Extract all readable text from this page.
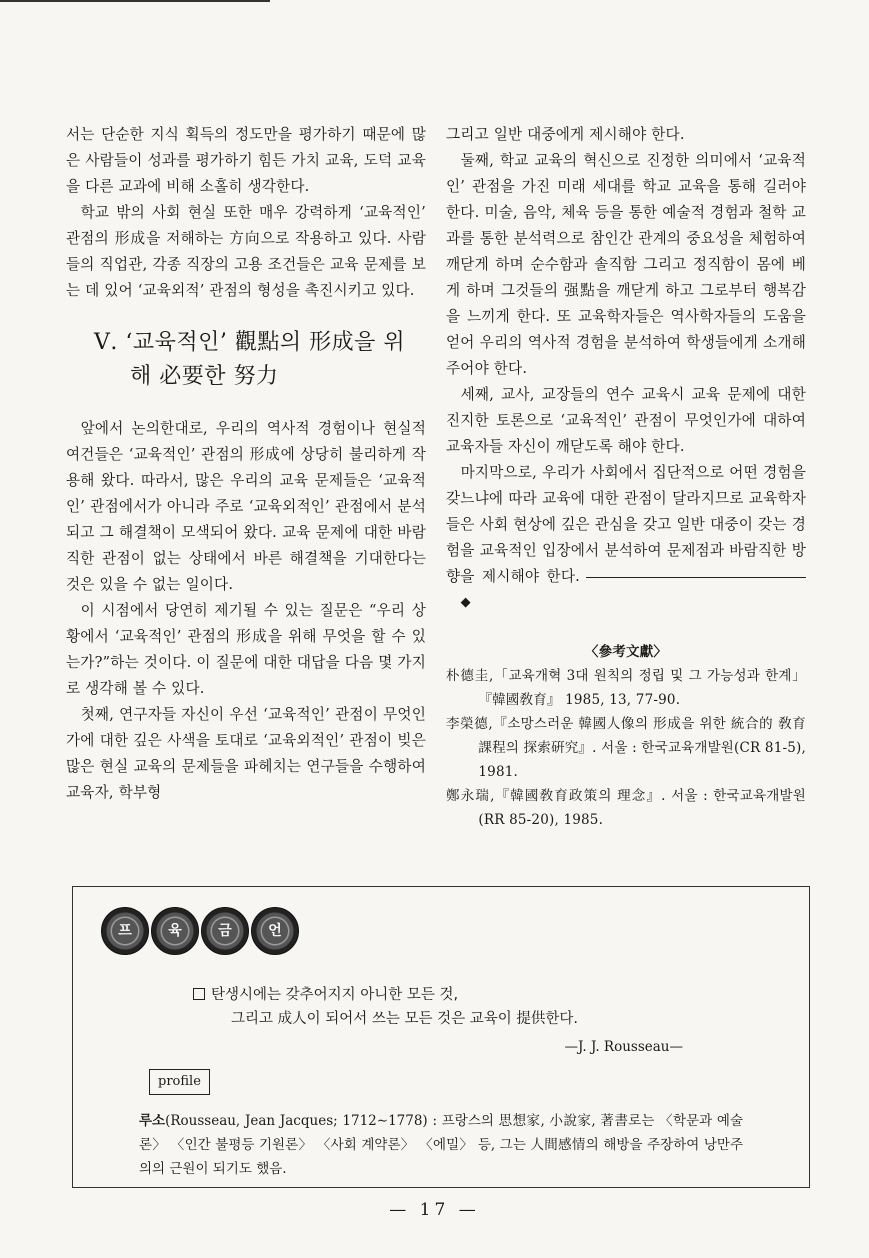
서는 단순한 지식 획득의 정도만을 평가하기 때문에 많은 사람들이 성과를 평가하기 힘든 가치 교육, 도덕 교육을 다른 교과에 비해 소홀히 생각한다.

학교 밖의 사회 현실 또한 매우 강력하게 ‘교육적인’ 관점의 形成을 저해하는 方向으로 작용하고 있다. 사람들의 직업관, 각종 직장의 고용 조건들은 교육 문제를 보는 데 있어 ‘교육외적’ 관점의 형성을 촉진시키고 있다.

Ⅴ. ‘교육적인’ 觀點의 形成을 위
해 必要한 努力

앞에서 논의한대로, 우리의 역사적 경험이나 현실적 여건들은 ‘교육적인’ 관점의 形成에 상당히 불리하게 작용해 왔다. 따라서, 많은 우리의 교육 문제들은 ‘교육적인’ 관점에서가 아니라 주로 ‘교육외적인’ 관점에서 분석되고 그 해결책이 모색되어 왔다. 교육 문제에 대한 바람직한 관점이 없는 상태에서 바른 해결책을 기대한다는 것은 있을 수 없는 일이다.

이 시점에서 당연히 제기될 수 있는 질문은 “우리 상황에서 ‘교육적인’ 관점의 形成을 위해 무엇을 할 수 있는가?”하는 것이다. 이 질문에 대한 대답을 다음 몇 가지로 생각해 볼 수 있다.

첫째, 연구자들 자신이 우선 ‘교육적인’ 관점이 무엇인가에 대한 깊은 사색을 토대로 ‘교육외적인’ 관점이 빚은 많은 현실 교육의 문제들을 파헤치는 연구들을 수행하여 교육자, 학부형

그리고 일반 대중에게 제시해야 한다.

둘째, 학교 교육의 혁신으로 진정한 의미에서 ‘교육적인’ 관점을 가진 미래 세대를 학교 교육을 통해 길러야 한다. 미술, 음악, 체육 등을 통한 예술적 경험과 철학 교과를 통한 분석력으로 참인간 관계의 중요성을 체험하여 깨닫게 하며 순수함과 솔직함 그리고 정직함이 몸에 베게 하며 그것들의 强點을 깨닫게 하고 그로부터 행복감을 느끼게 한다. 또 교육학자들은 역사학자들의 도움을 얻어 우리의 역사적 경험을 분석하여 학생들에게 소개해 주어야 한다.

세째, 교사, 교장들의 연수 교육시 교육 문제에 대한 진지한 토론으로 ‘교육적인’ 관점이 무엇인가에 대하여 교육자들 자신이 깨닫도록 해야 한다.

마지막으로, 우리가 사회에서 집단적으로 어떤 경험을 갖느냐에 따라 교육에 대한 관점이 달라지므로 교육학자들은 사회 현상에 깊은 관심을 갖고 일반 대중이 갖는 경험을 교육적인 입장에서 분석하여 문제점과 바람직한 방향을 제시해야 한다.◆

〈參考文獻〉

朴德圭,「교육개혁 3대 원칙의 정립 및 그 가능성과 한계」『韓國敎育』 1985, 13, 77-90.

李榮德,『소망스러운 韓國人像의 形成을 위한 統合的 敎育課程의 探索硏究』. 서울 : 한국교육개발원(CR 81-5), 1981.

鄭永瑞,『韓國敎育政策의 理念』. 서울 : 한국교육개발원(RR 85-20), 1985.

프	육	금	언
탄생시에는 갖추어지지 아니한 모든 것,
그리고 成人이 되어서 쓰는 모든 것은 교육이 提供한다.
—J. J. Rousseau—
profile
루소(Rousseau, Jean Jacques; 1712∼1778) : 프랑스의 思想家, 小說家, 著書로는 〈학문과 예술론〉 〈인간 불평등 기원론〉 〈사회 계약론〉 〈에밀〉 등, 그는 人間感情의 해방을 주장하여 낭만주의의 근원이 되기도 했음.
— 17 —
